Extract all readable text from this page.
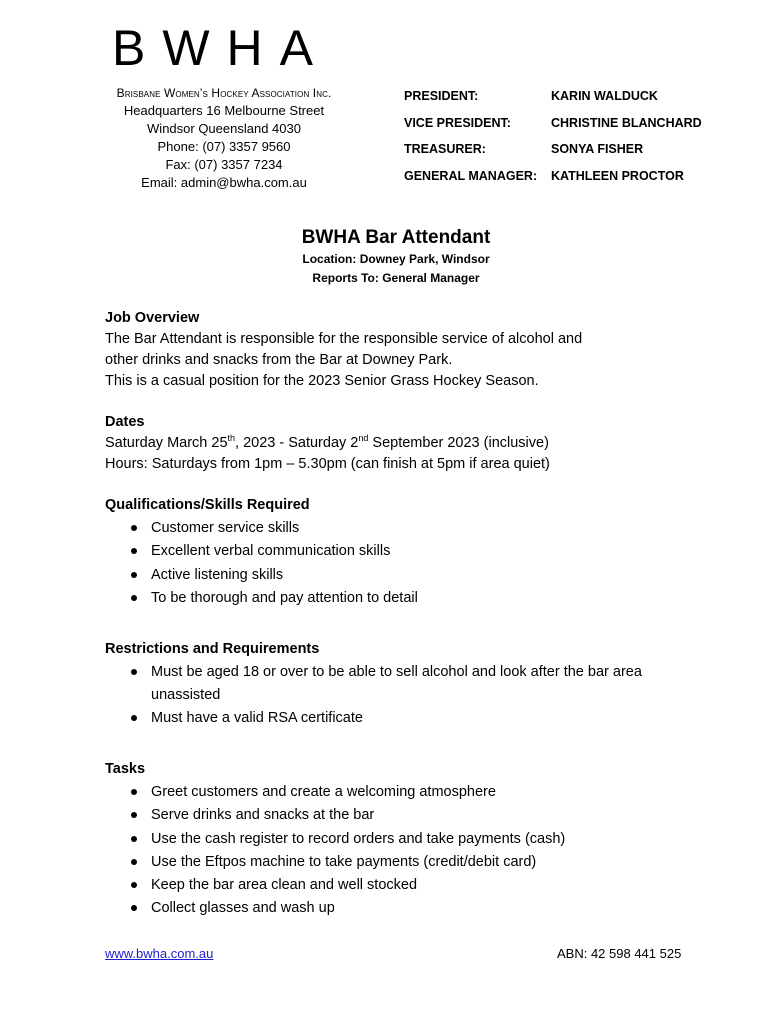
BWHA
Brisbane Women’s Hockey Association Inc.
Headquarters 16 Melbourne Street
Windsor Queensland 4030
Phone: (07) 3357 9560
Fax: (07) 3357 7234
Email: admin@bwha.com.au
PRESIDENT:	KARIN WALDUCK
VICE PRESIDENT:	CHRISTINE BLANCHARD
TREASURER:	SONYA FISHER
GENERAL MANAGER:	KATHLEEN PROCTOR
BWHA Bar Attendant
Location: Downey Park, Windsor
Reports To: General Manager
Job Overview

The Bar Attendant is responsible for the responsible service of alcohol and

other drinks and snacks from the Bar at Downey Park.

This is a casual position for the 2023 Senior Grass Hockey Season.

Dates

Saturday March 25th, 2023 - Saturday 2nd September 2023 (inclusive)

Hours: Saturdays from 1pm – 5.30pm (can finish at 5pm if area quiet)

Qualifications/Skills Required
Customer service skills
Excellent verbal communication skills
Active listening skills
To be thorough and pay attention to detail
Restrictions and Requirements
Must be aged 18 or over to be able to sell alcohol and look after the bar area unassisted
Must have a valid RSA certificate
Tasks
Greet customers and create a welcoming atmosphere
Serve drinks and snacks at the bar
Use the cash register to record orders and take payments (cash)
Use the Eftpos machine to take payments (credit/debit card)
Keep the bar area clean and well stocked
Collect glasses and wash up
www.bwha.com.au	ABN: 42 598 441 525
